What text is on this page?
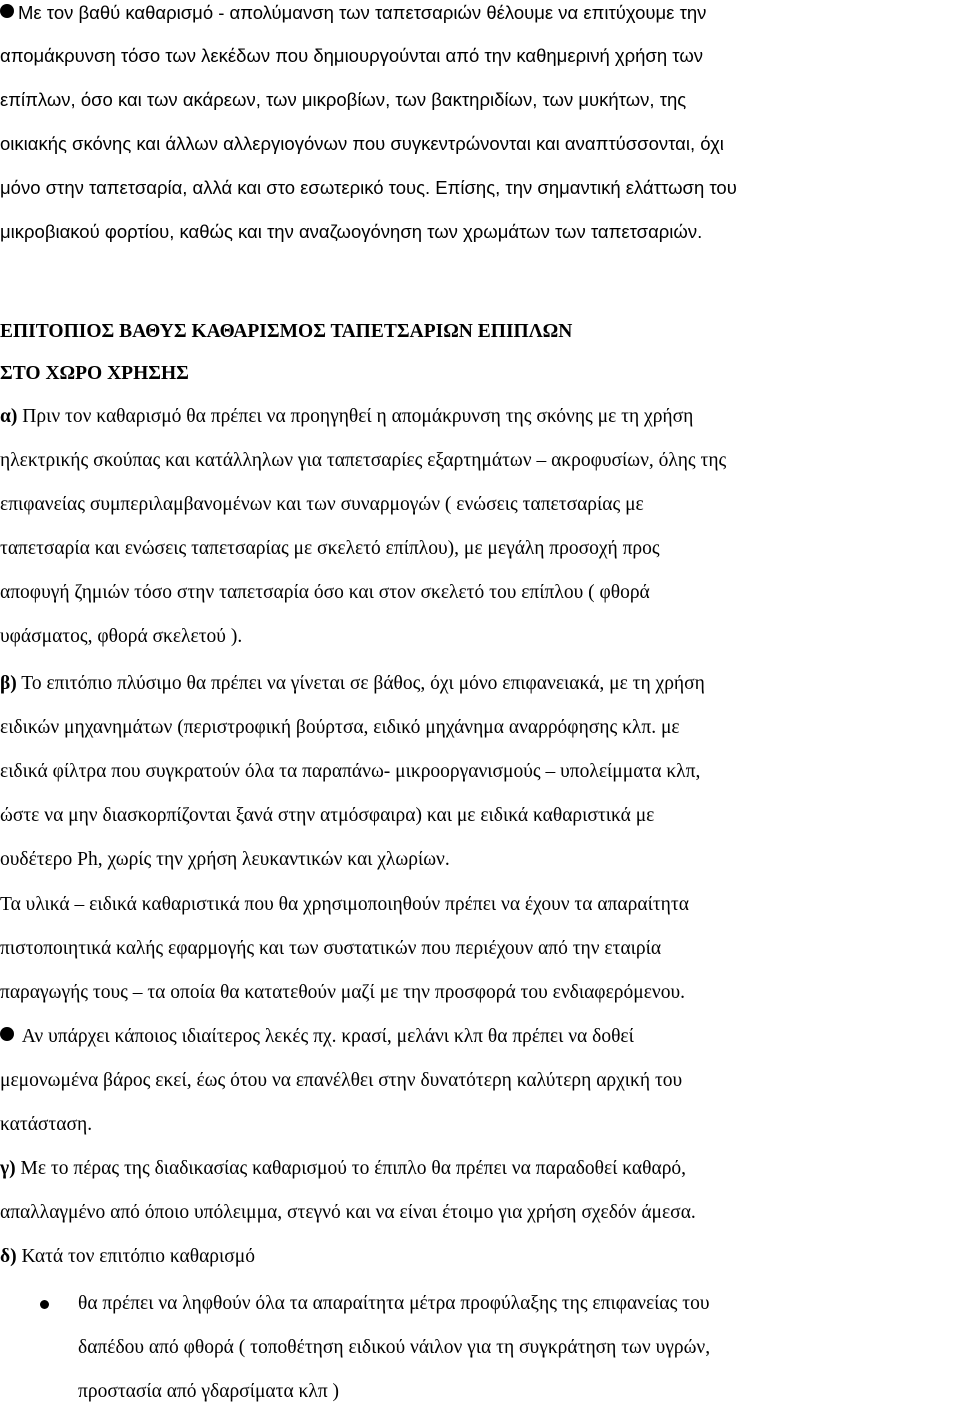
Με τον βαθύ καθαρισμό - απολύμανση των ταπετσαριών θέλουμε να επιτύχουμε την
απομάκρυνση τόσο των λεκέδων που δημιουργούνται από την καθημερινή χρήση των
επίπλων, όσο και των ακάρεων, των μικροβίων, των βακτηριδίων, των μυκήτων, της
οικιακής σκόνης και άλλων αλλεργιογόνων που συγκεντρώνονται και αναπτύσσονται, όχι
μόνο στην ταπετσαρία, αλλά και στο εσωτερικό τους. Επίσης, την σημαντική ελάττωση του
μικροβιακού φορτίου, καθώς και την αναζωογόνηση των χρωμάτων των ταπετσαριών.
ΕΠΙΤΟΠΙΟΣ ΒΑΘΥΣ ΚΑΘΑΡΙΣΜΟΣ ΤΑΠΕΤΣΑΡΙΩΝ ΕΠΙΠΛΩΝ
ΣΤΟ ΧΩΡΟ ΧΡΗΣΗΣ
α) Πριν τον καθαρισμό θα πρέπει να προηγηθεί η απομάκρυνση της σκόνης με τη χρήση
ηλεκτρικής σκούπας και κατάλληλων για ταπετσαρίες εξαρτημάτων – ακροφυσίων, όλης της
επιφανείας συμπεριλαμβανομένων και των συναρμογών ( ενώσεις ταπετσαρίας με
ταπετσαρία και ενώσεις ταπετσαρίας με σκελετό επίπλου), με μεγάλη προσοχή προς
αποφυγή ζημιών τόσο στην ταπετσαρία όσο και στον σκελετό του επίπλου ( φθορά
υφάσματος, φθορά σκελετού ).
β) Το επιτόπιο πλύσιμο θα πρέπει να γίνεται σε βάθος, όχι μόνο επιφανειακά, με τη χρήση
ειδικών μηχανημάτων (περιστροφική βούρτσα, ειδικό μηχάνημα αναρρόφησης κλπ. με
ειδικά φίλτρα που συγκρατούν όλα τα παραπάνω- μικροοργανισμούς – υπολείμματα κλπ,
ώστε να μην διασκορπίζονται ξανά στην ατμόσφαιρα) και με ειδικά καθαριστικά με
ουδέτερο Ph, χωρίς την χρήση λευκαντικών και χλωρίων.
Τα υλικά – ειδικά καθαριστικά που θα χρησιμοποιηθούν πρέπει να έχουν τα απαραίτητα
πιστοποιητικά καλής εφαρμογής και των συστατικών που περιέχουν από την εταιρία
παραγωγής τους – τα οποία θα κατατεθούν μαζί με την προσφορά του ενδιαφερόμενου.
Αν υπάρχει κάποιος ιδιαίτερος λεκές πχ. κρασί, μελάνι κλπ θα πρέπει να δοθεί
μεμονωμένα βάρος εκεί, έως ότου να επανέλθει στην δυνατότερη καλύτερη αρχική του
κατάσταση.
γ) Με το πέρας της διαδικασίας καθαρισμού το έπιπλο θα πρέπει να παραδοθεί καθαρό,
απαλλαγμένο από όποιο υπόλειμμα, στεγνό και να είναι έτοιμο για χρήση σχεδόν άμεσα.
δ) Κατά τον επιτόπιο καθαρισμό
θα πρέπει να ληφθούν όλα τα απαραίτητα μέτρα προφύλαξης της επιφανείας του
δαπέδου από φθορά ( τοποθέτηση ειδικού νάιλον για τη συγκράτηση των υγρών,
προστασία από γδαρσίματα κλπ )
